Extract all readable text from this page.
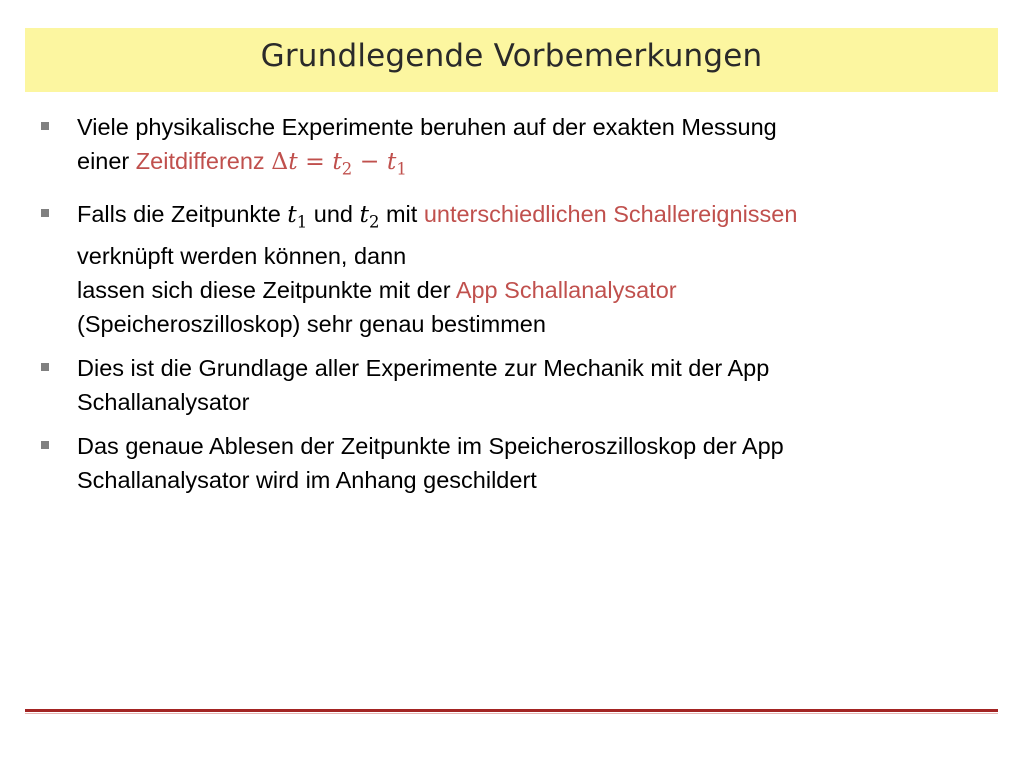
Grundlegende Vorbemerkungen
Viele physikalische Experimente beruhen auf der exakten Messung
einer Zeitdifferenz $\Delta t = t_2 - t_1$
Falls die Zeitpunkte $t_1$ und $t_2$ mit unterschiedlichen Schallereignissen
verknüpft werden können, dann
lassen sich diese Zeitpunkte mit der App Schallanalysator
(Speicheroszilloskop) sehr genau bestimmen
Dies ist die Grundlage aller Experimente zur Mechanik mit der App
Schallanalysator
Das genaue Ablesen der Zeitpunkte im Speicheroszilloskop der App
Schallanalysator wird im Anhang geschildert
